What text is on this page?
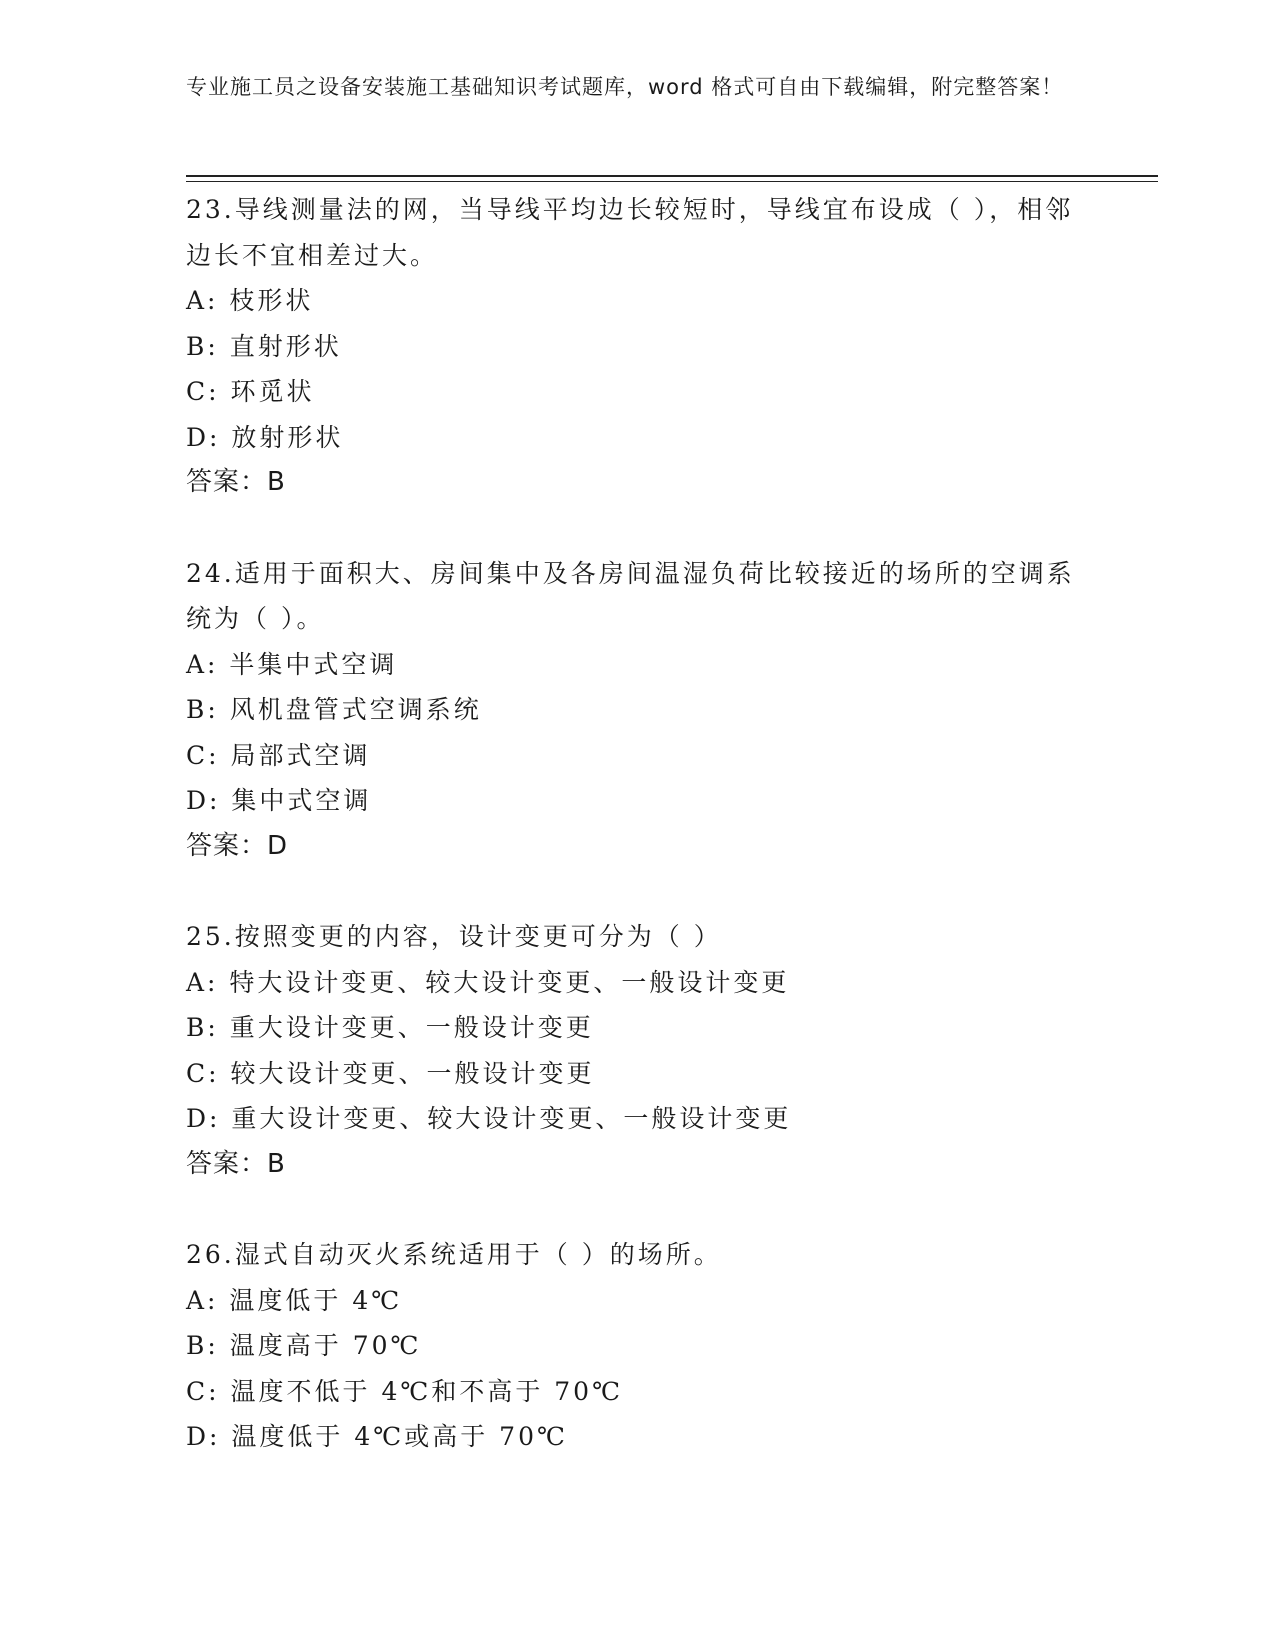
专业施工员之设备安装施工基础知识考试题库，word 格式可自由下载编辑，附完整答案！
23.导线测量法的网，当导线平均边长较短时，导线宜布设成（ ），相邻边长不宜相差过大。
A: 枝形状
B: 直射形状
C: 环觅状
D: 放射形状
答案：B
24.适用于面积大、房间集中及各房间温湿负荷比较接近的场所的空调系统为（ ）。
A: 半集中式空调
B: 风机盘管式空调系统
C: 局部式空调
D: 集中式空调
答案：D
25.按照变更的内容，设计变更可分为（ ）
A: 特大设计变更、较大设计变更、一般设计变更
B: 重大设计变更、一般设计变更
C: 较大设计变更、一般设计变更
D: 重大设计变更、较大设计变更、一般设计变更
答案：B
26.湿式自动灭火系统适用于（ ）的场所。
A: 温度低于 4℃
B: 温度高于 70℃
C: 温度不低于 4℃和不高于 70℃
D: 温度低于 4℃或高于 70℃
